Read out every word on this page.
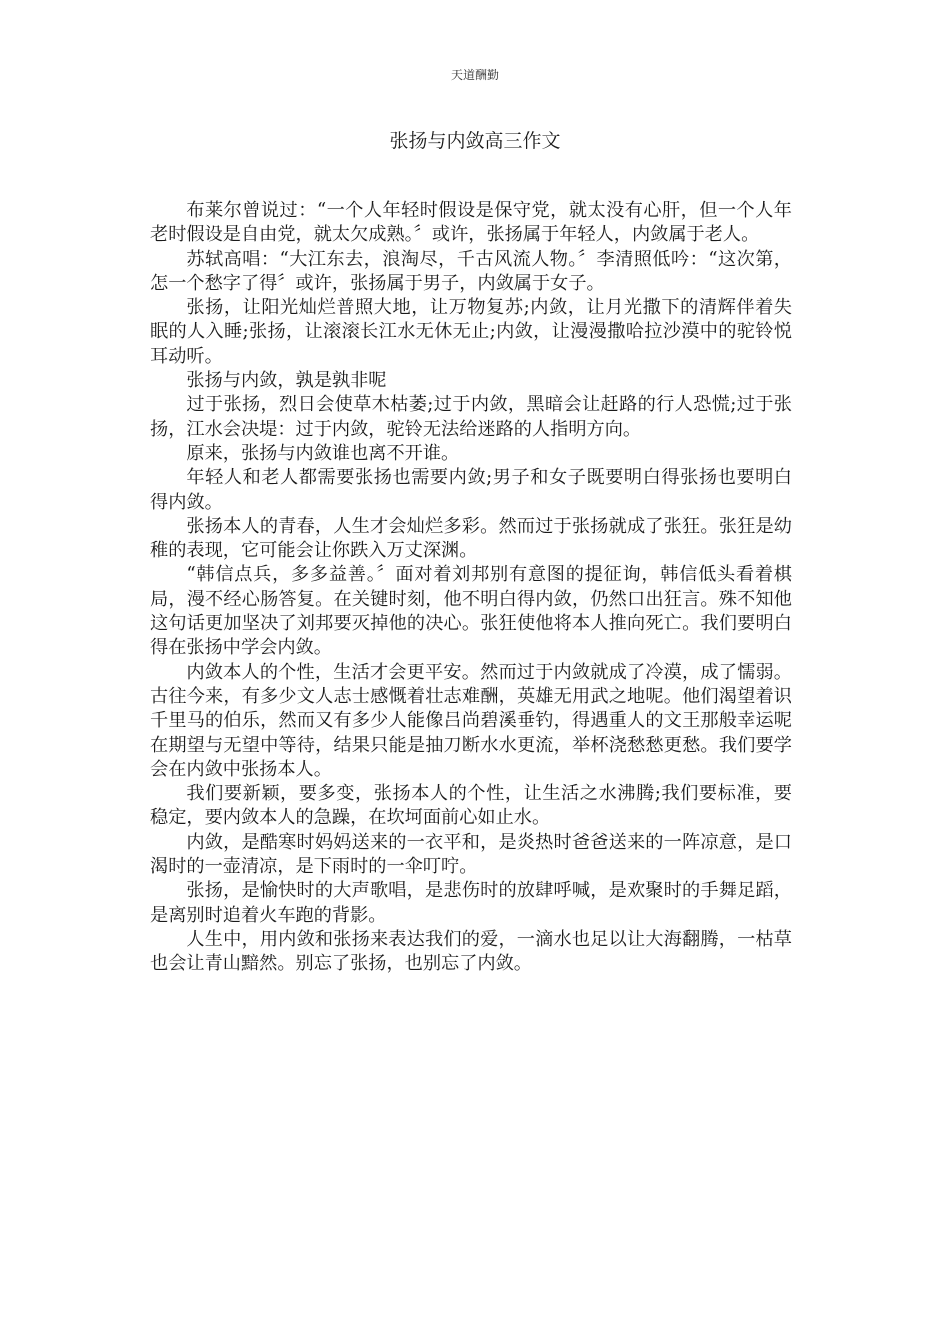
天道酬勤
张扬与内敛高三作文

布莱尔曾说过：“一个人年轻时假设是保守党，就太没有心肝，但一个人年老时假设是自由党，就太欠成熟。〞或许，张扬属于年轻人，内敛属于老人。

苏轼高唱：“大江东去，浪淘尽，千古风流人物。〞李清照低吟：“这次第，怎一个愁字了得〞或许，张扬属于男子，内敛属于女子。

张扬，让阳光灿烂普照大地，让万物复苏;内敛，让月光撒下的清辉伴着失眠的人入睡;张扬，让滚滚长江水无休无止;内敛，让漫漫撒哈拉沙漠中的驼铃悦耳动听。

张扬与内敛，孰是孰非呢

过于张扬，烈日会使草木枯萎;过于内敛，黑暗会让赶路的行人恐慌;过于张扬，江水会决堤：过于内敛，驼铃无法给迷路的人指明方向。

原来，张扬与内敛谁也离不开谁。

年轻人和老人都需要张扬也需要内敛;男子和女子既要明白得张扬也要明白得内敛。

张扬本人的青春，人生才会灿烂多彩。然而过于张扬就成了张狂。张狂是幼稚的表现，它可能会让你跌入万丈深渊。

“韩信点兵，多多益善。〞面对着刘邦别有意图的提征询，韩信低头看着棋局，漫不经心肠答复。在关键时刻，他不明白得内敛，仍然口出狂言。殊不知他这句话更加坚决了刘邦要灭掉他的决心。张狂使他将本人推向死亡。我们要明白得在张扬中学会内敛。

内敛本人的个性，生活才会更平安。然而过于内敛就成了冷漠，成了懦弱。古往今来，有多少文人志士感慨着壮志难酬，英雄无用武之地呢。他们渴望着识千里马的伯乐，然而又有多少人能像吕尚碧溪垂钓，得遇重人的文王那般幸运呢在期望与无望中等待，结果只能是抽刀断水水更流，举杯浇愁愁更愁。我们要学会在内敛中张扬本人。

我们要新颖，要多变，张扬本人的个性，让生活之水沸腾;我们要标准，要稳定，要内敛本人的急躁，在坎坷面前心如止水。

内敛，是酷寒时妈妈送来的一衣平和，是炎热时爸爸送来的一阵凉意，是口渴时的一壶清凉，是下雨时的一伞叮咛。

张扬，是愉快时的大声歌唱，是悲伤时的放肆呼喊，是欢聚时的手舞足蹈，是离别时追着火车跑的背影。

人生中，用内敛和张扬来表达我们的爱，一滴水也足以让大海翻腾，一枯草也会让青山黯然。别忘了张扬，也别忘了内敛。
